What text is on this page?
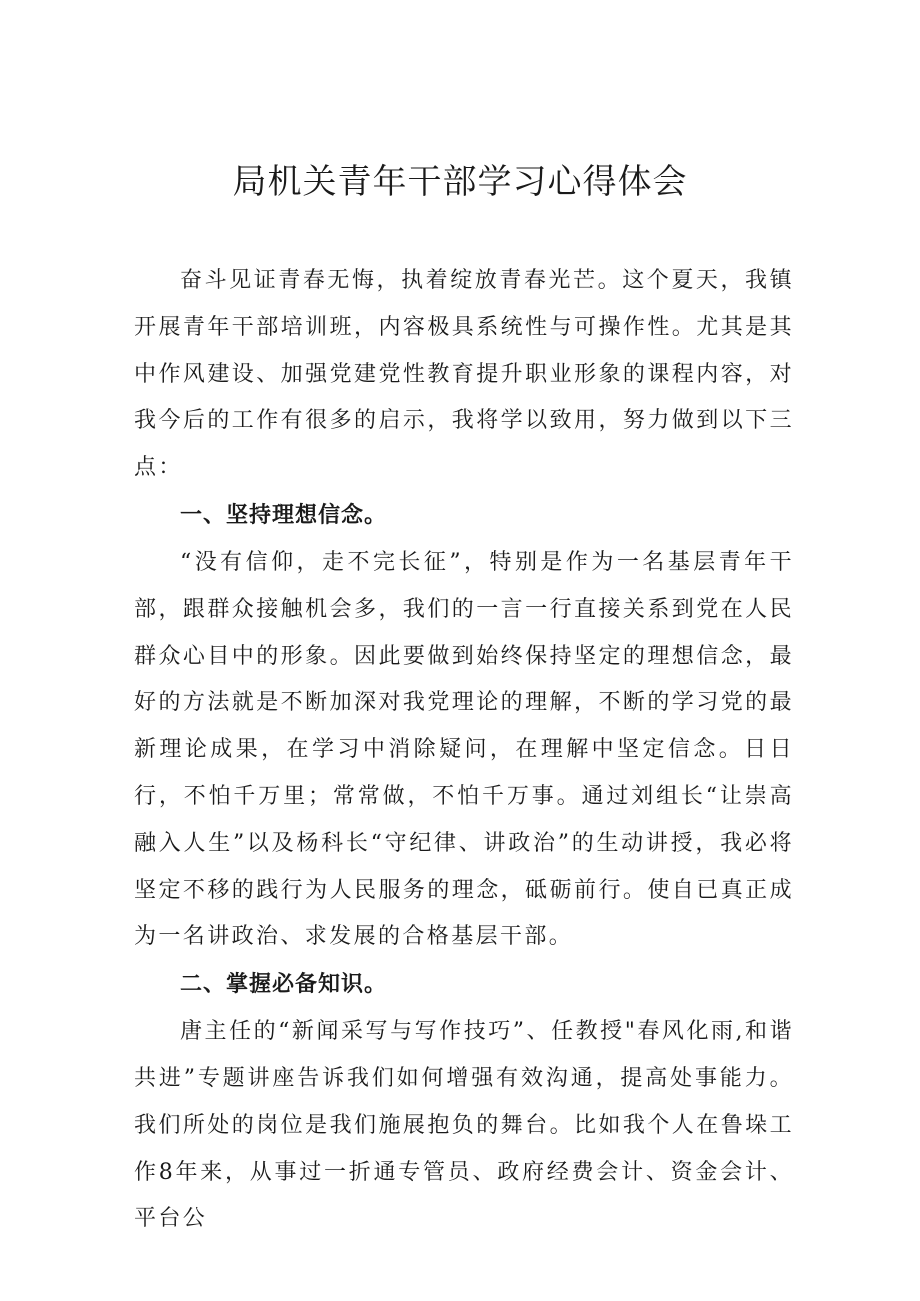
局机关青年干部学习心得体会

奋斗见证青春无悔，执着绽放青春光芒。这个夏天，我镇开展青年干部培训班，内容极具系统性与可操作性。尤其是其中作风建设、加强党建党性教育提升职业形象的课程内容，对我今后的工作有很多的启示，我将学以致用，努力做到以下三点：

一、坚持理想信念。

“没有信仰，走不完长征”，特别是作为一名基层青年干部，跟群众接触机会多，我们的一言一行直接关系到党在人民群众心目中的形象。因此要做到始终保持坚定的理想信念，最好的方法就是不断加深对我党理论的理解，不断的学习党的最新理论成果，在学习中消除疑问，在理解中坚定信念。日日行，不怕千万里；常常做，不怕千万事。通过刘组长“让崇高融入人生”以及杨科长“守纪律、讲政治”的生动讲授，我必将坚定不移的践行为人民服务的理念，砥砺前行。使自已真正成为一名讲政治、求发展的合格基层干部。

二、掌握必备知识。

唐主任的“新闻采写与写作技巧”、任教授"春风化雨,和谐共进”专题讲座告诉我们如何增强有效沟通，提高处事能力。我们所处的岗位是我们施展抱负的舞台。比如我个人在鲁垛工作8年来，从事过一折通专管员、政府经费会计、资金会计、平台公
